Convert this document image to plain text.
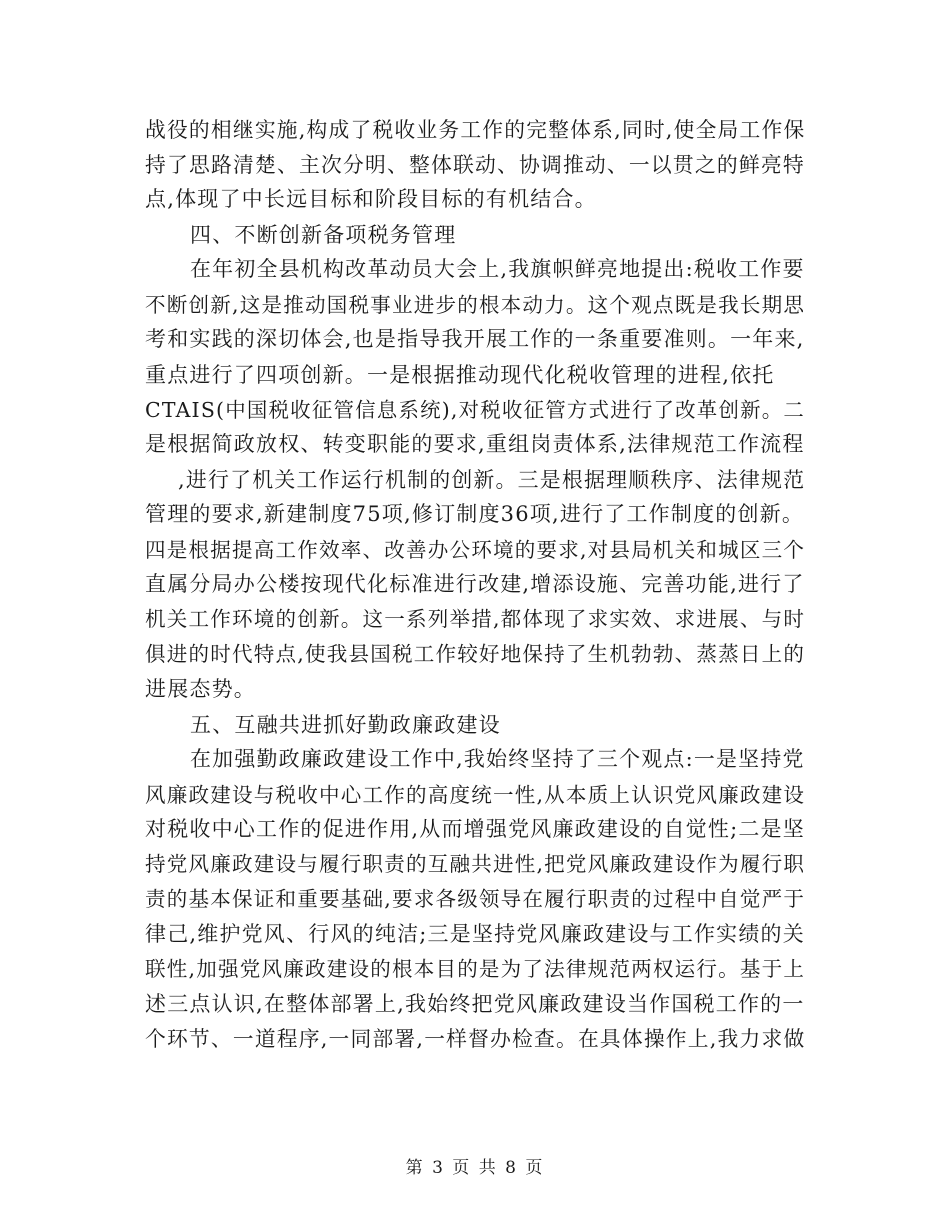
战役的相继实施,构成了税收业务工作的完整体系,同时,使全局工作保
持了思路清楚、主次分明、整体联动、协调推动、一以贯之的鲜亮特
点,体现了中长远目标和阶段目标的有机结合。
四、不断创新备项税务管理
在年初全县机构改革动员大会上,我旗帜鲜亮地提出:税收工作要
不断创新,这是推动国税事业进步的根本动力。这个观点既是我长期思
考和实践的深切体会,也是指导我开展工作的一条重要准则。一年来,
重点进行了四项创新。一是根据推动现代化税收管理的进程,依托
CTAIS(中国税收征管信息系统),对税收征管方式进行了改革创新。二
是根据简政放权、转变职能的要求,重组岗责体系,法律规范工作流程
,进行了机关工作运行机制的创新。三是根据理顺秩序、法律规范
管理的要求,新建制度75项,修订制度36项,进行了工作制度的创新。
四是根据提高工作效率、改善办公环境的要求,对县局机关和城区三个
直属分局办公楼按现代化标准进行改建,增添设施、完善功能,进行了
机关工作环境的创新。这一系列举措,都体现了求实效、求进展、与时
俱进的时代特点,使我县国税工作较好地保持了生机勃勃、蒸蒸日上的
进展态势。
五、互融共进抓好勤政廉政建设
在加强勤政廉政建设工作中,我始终坚持了三个观点:一是坚持党
风廉政建设与税收中心工作的高度统一性,从本质上认识党风廉政建设
对税收中心工作的促进作用,从而增强党风廉政建设的自觉性;二是坚
持党风廉政建设与履行职责的互融共进性,把党风廉政建设作为履行职
责的基本保证和重要基础,要求各级领导在履行职责的过程中自觉严于
律己,维护党风、行风的纯洁;三是坚持党风廉政建设与工作实绩的关
联性,加强党风廉政建设的根本目的是为了法律规范两权运行。基于上
述三点认识,在整体部署上,我始终把党风廉政建设当作国税工作的一
个环节、一道程序,一同部署,一样督办检查。在具体操作上,我力求做
第 3 页 共 8 页
